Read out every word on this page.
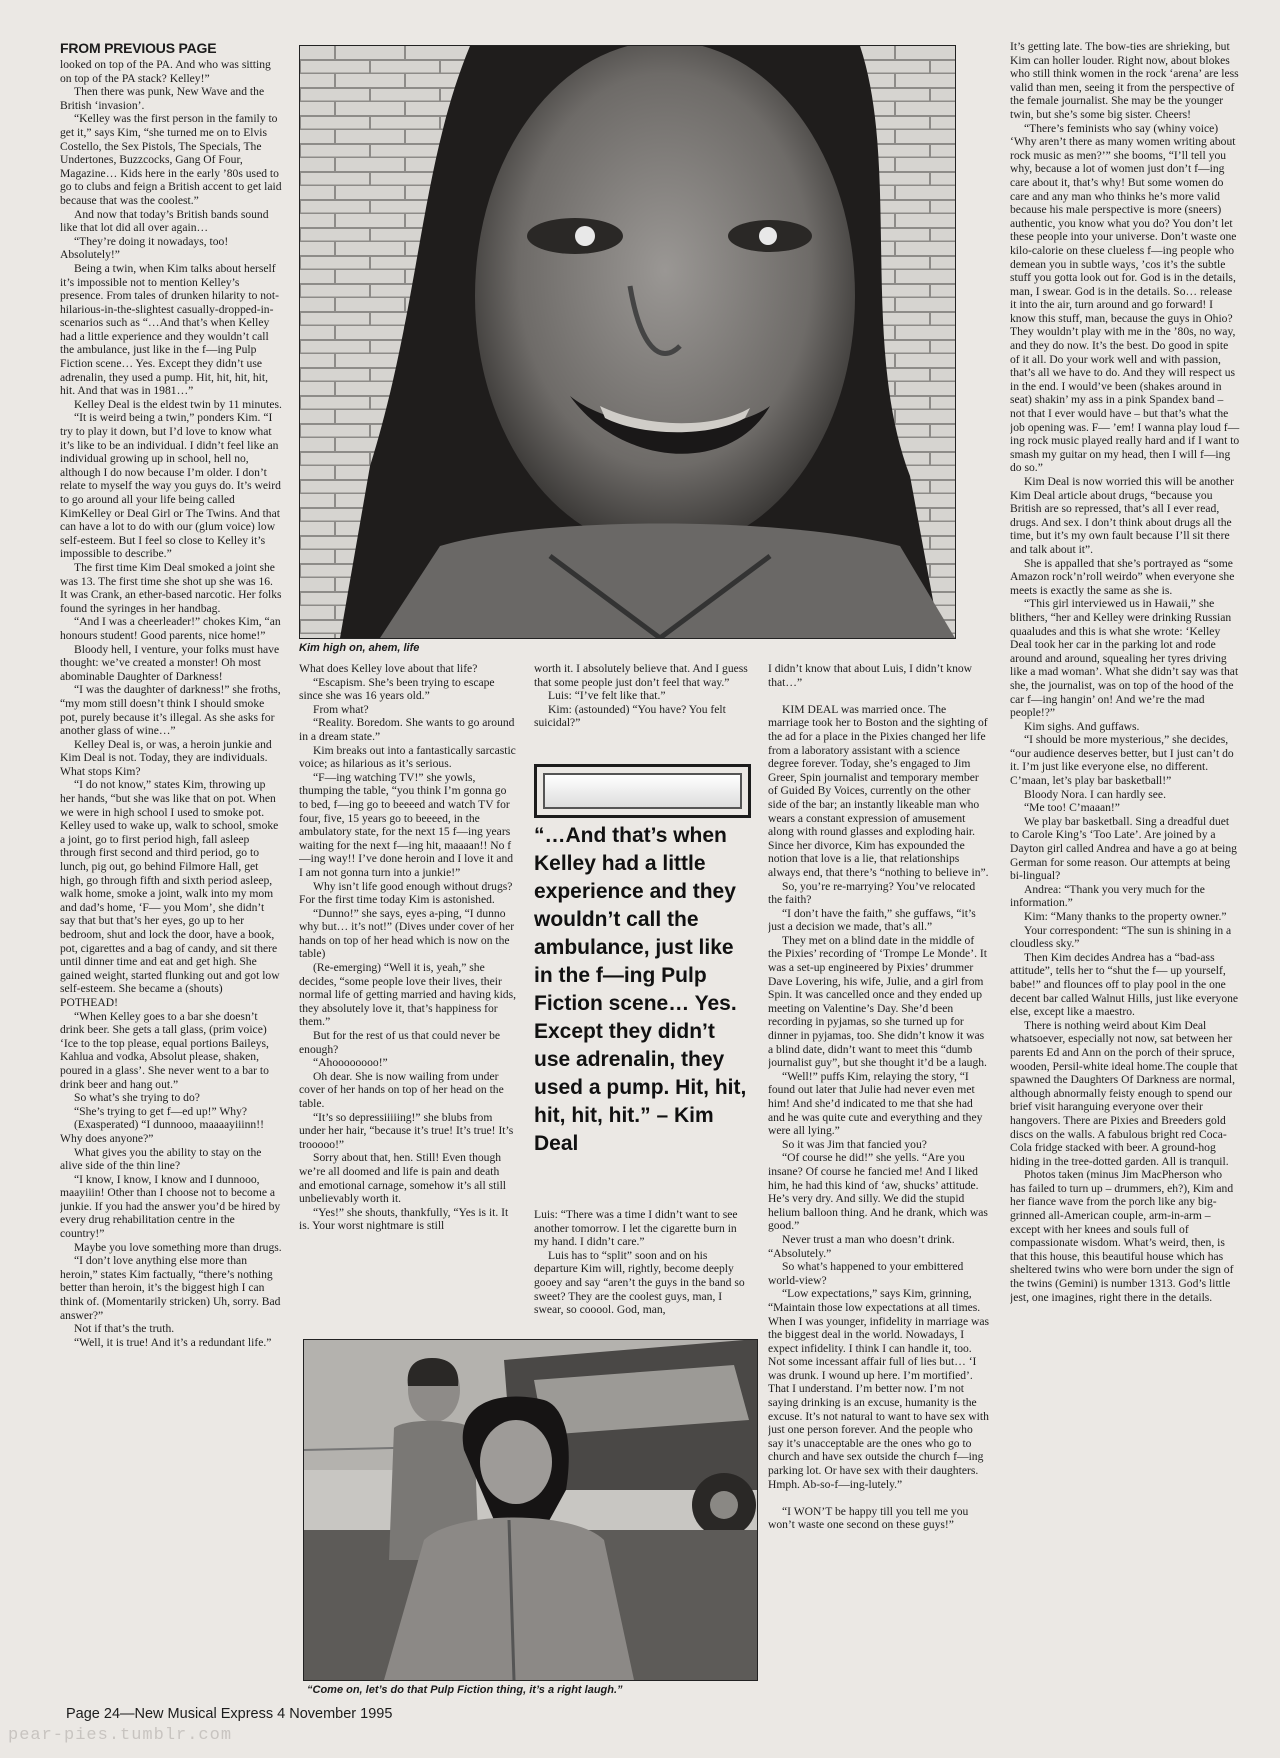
FROM PREVIOUS PAGE

looked on top of the PA. And who was sitting on top of the PA stack? Kelley!”

Then there was punk, New Wave and the British ‘invasion’.

“Kelley was the first person in the family to get it,” says Kim, “she turned me on to Elvis Costello, the Sex Pistols, The Specials, The Undertones, Buzzcocks, Gang Of Four, Magazine… Kids here in the early ’80s used to go to clubs and feign a British accent to get laid because that was the coolest.”

And now that today’s British bands sound like that lot did all over again…

“They’re doing it nowadays, too! Absolutely!”

Being a twin, when Kim talks about herself it’s impossible not to mention Kelley’s presence. From tales of drunken hilarity to not-hilarious-in-the-slightest casually-dropped-in-scenarios such as “…And that’s when Kelley had a little experience and they wouldn’t call the ambulance, just like in the f—ing Pulp Fiction scene… Yes. Except they didn’t use adrenalin, they used a pump. Hit, hit, hit, hit, hit. And that was in 1981…”

Kelley Deal is the eldest twin by 11 minutes.

“It is weird being a twin,” ponders Kim. “I try to play it down, but I’d love to know what it’s like to be an individual. I didn’t feel like an individual growing up in school, hell no, although I do now because I’m older. I don’t relate to myself the way you guys do. It’s weird to go around all your life being called KimKelley or Deal Girl or The Twins. And that can have a lot to do with our (glum voice) low self-esteem. But I feel so close to Kelley it’s impossible to describe.”

The first time Kim Deal smoked a joint she was 13. The first time she shot up she was 16. It was Crank, an ether-based narcotic. Her folks found the syringes in her handbag.

“And I was a cheerleader!” chokes Kim, “an honours student! Good parents, nice home!”

Bloody hell, I venture, your folks must have thought: we’ve created a monster! Oh most abominable Daughter of Darkness!

“I was the daughter of darkness!” she froths, “my mom still doesn’t think I should smoke pot, purely because it’s illegal. As she asks for another glass of wine…”

Kelley Deal is, or was, a heroin junkie and Kim Deal is not. Today, they are individuals. What stops Kim?

“I do not know,” states Kim, throwing up her hands, “but she was like that on pot. When we were in high school I used to smoke pot. Kelley used to wake up, walk to school, smoke a joint, go to first period high, fall asleep through first second and third period, go to lunch, pig out, go behind Filmore Hall, get high, go through fifth and sixth period asleep, walk home, smoke a joint, walk into my mom and dad’s home, ‘F— you Mom’, she didn’t say that but that’s her eyes, go up to her bedroom, shut and lock the door, have a book, pot, cigarettes and a bag of candy, and sit there until dinner time and eat and get high. She gained weight, started flunking out and got low self-esteem. She became a (shouts) POTHEAD!

“When Kelley goes to a bar she doesn’t drink beer. She gets a tall glass, (prim voice) ‘Ice to the top please, equal portions Baileys, Kahlua and vodka, Absolut please, shaken, poured in a glass’. She never went to a bar to drink beer and hang out.”

So what’s she trying to do?

“She’s trying to get f—ed up!” Why?

(Exasperated) “I dunnooo, maaaayiiinn!! Why does anyone?”

What gives you the ability to stay on the alive side of the thin line?

“I know, I know, I know and I dunnooo, maayiiin! Other than I choose not to become a junkie. If you had the answer you’d be hired by every drug rehabilitation centre in the country!”

Maybe you love something more than drugs.

“I don’t love anything else more than heroin,” states Kim factually, “there’s nothing better than heroin, it’s the biggest high I can think of. (Momentarily stricken) Uh, sorry. Bad answer?”

Not if that’s the truth.

“Well, it is true! And it’s a redundant life.”

Kim high on, ahem, life

What does Kelley love about that life?

“Escapism. She’s been trying to escape since she was 16 years old.”

From what?

“Reality. Boredom. She wants to go around in a dream state.”

Kim breaks out into a fantastically sarcastic voice; as hilarious as it’s serious.

“F—ing watching TV!” she yowls, thumping the table, “you think I’m gonna go to bed, f—ing go to beeeed and watch TV for four, five, 15 years go to beeeed, in the ambulatory state, for the next 15 f—ing years waiting for the next f—ing hit, maaaan!! No f—ing way!! I’ve done heroin and I love it and I am not gonna turn into a junkie!”

Why isn’t life good enough without drugs? For the first time today Kim is astonished.

“Dunno!” she says, eyes a-ping, “I dunno why but… it’s not!” (Dives under cover of her hands on top of her head which is now on the table)

(Re-emerging) “Well it is, yeah,” she decides, “some people love their lives, their normal life of getting married and having kids, they absolutely love it, that’s happiness for them.”

But for the rest of us that could never be enough?

“Ahoooooooo!”

Oh dear. She is now wailing from under cover of her hands on top of her head on the table.

“It’s so depressiiiiing!” she blubs from under her hair, “because it’s true! It’s true! It’s trooooo!”

Sorry about that, hen. Still! Even though we’re all doomed and life is pain and death and emotional carnage, somehow it’s all still unbelievably worth it.

“Yes!” she shouts, thankfully, “Yes is it. It is. Your worst nightmare is still

worth it. I absolutely believe that. And I guess that some people just don’t feel that way.”

Luis: “I’ve felt like that.”

Kim: (astounded) “You have? You felt suicidal?”

“…And that’s when Kelley had a little experience and they wouldn’t call the ambulance, just like in the f—ing Pulp Fiction scene… Yes. Except they didn’t use adrenalin, they used a pump. Hit, hit, hit, hit, hit.” – Kim Deal

Luis: “There was a time I didn’t want to see another tomorrow. I let the cigarette burn in my hand. I didn’t care.”

Luis has to “split” soon and on his departure Kim will, rightly, become deeply gooey and say “aren’t the guys in the band so sweet? They are the coolest guys, man, I swear, so cooool. God, man,

“Come on, let’s do that Pulp Fiction thing, it’s a right laugh.”

I didn’t know that about Luis, I didn’t know that…”

KIM DEAL was married once. The marriage took her to Boston and the sighting of the ad for a place in the Pixies changed her life from a laboratory assistant with a science degree forever. Today, she’s engaged to Jim Greer, Spin journalist and temporary member of Guided By Voices, currently on the other side of the bar; an instantly likeable man who wears a constant expression of amusement along with round glasses and exploding hair. Since her divorce, Kim has expounded the notion that love is a lie, that relationships always end, that there’s “nothing to believe in”.

So, you’re re-marrying? You’ve relocated the faith?

“I don’t have the faith,” she guffaws, “it’s just a decision we made, that’s all.”

They met on a blind date in the middle of the Pixies’ recording of ‘Trompe Le Monde’. It was a set-up engineered by Pixies’ drummer Dave Lovering, his wife, Julie, and a girl from Spin. It was cancelled once and they ended up meeting on Valentine’s Day. She’d been recording in pyjamas, so she turned up for dinner in pyjamas, too. She didn’t know it was a blind date, didn’t want to meet this “dumb journalist guy”, but she thought it’d be a laugh.

“Well!” puffs Kim, relaying the story, “I found out later that Julie had never even met him! And she’d indicated to me that she had and he was quite cute and everything and they were all lying.”

So it was Jim that fancied you?

“Of course he did!” she yells. “Are you insane? Of course he fancied me! And I liked him, he had this kind of ‘aw, shucks’ attitude. He’s very dry. And silly. We did the stupid helium balloon thing. And he drank, which was good.”

Never trust a man who doesn’t drink. “Absolutely.”

So what’s happened to your embittered world-view?

“Low expectations,” says Kim, grinning, “Maintain those low expectations at all times. When I was younger, infidelity in marriage was the biggest deal in the world. Nowadays, I expect infidelity. I think I can handle it, too. Not some incessant affair full of lies but… ‘I was drunk. I wound up here. I’m mortified’. That I understand. I’m better now. I’m not saying drinking is an excuse, humanity is the excuse. It’s not natural to want to have sex with just one person forever. And the people who say it’s unacceptable are the ones who go to church and have sex outside the church f—ing parking lot. Or have sex with their daughters. Hmph. Ab-so-f—ing-lutely.”

“I WON’T be happy till you tell me you won’t waste one second on these guys!”

It’s getting late. The bow-ties are shrieking, but Kim can holler louder. Right now, about blokes who still think women in the rock ‘arena’ are less valid than men, seeing it from the perspective of the female journalist. She may be the younger twin, but she’s some big sister. Cheers!

“There’s feminists who say (whiny voice) ‘Why aren’t there as many women writing about rock music as men?’” she booms, “I’ll tell you why, because a lot of women just don’t f—ing care about it, that’s why! But some women do care and any man who thinks he’s more valid because his male perspective is more (sneers) authentic, you know what you do? You don’t let these people into your universe. Don’t waste one kilo-calorie on these clueless f—ing people who demean you in subtle ways, ’cos it’s the subtle stuff you gotta look out for. God is in the details, man, I swear. God is in the details. So… release it into the air, turn around and go forward! I know this stuff, man, because the guys in Ohio? They wouldn’t play with me in the ’80s, no way, and they do now. It’s the best. Do good in spite of it all. Do your work well and with passion, that’s all we have to do. And they will respect us in the end. I would’ve been (shakes around in seat) shakin’ my ass in a pink Spandex band – not that I ever would have – but that’s what the job opening was. F— ’em! I wanna play loud f—ing rock music played really hard and if I want to smash my guitar on my head, then I will f—ing do so.”

Kim Deal is now worried this will be another Kim Deal article about drugs, “because you British are so repressed, that’s all I ever read, drugs. And sex. I don’t think about drugs all the time, but it’s my own fault because I’ll sit there and talk about it”.

She is appalled that she’s portrayed as “some Amazon rock’n’roll weirdo” when everyone she meets is exactly the same as she is.

“This girl interviewed us in Hawaii,” she blithers, “her and Kelley were drinking Russian quaaludes and this is what she wrote: ‘Kelley Deal took her car in the parking lot and rode around and around, squealing her tyres driving like a mad woman’. What she didn’t say was that she, the journalist, was on top of the hood of the car f—ing hangin’ on! And we’re the mad people!?”

Kim sighs. And guffaws.

“I should be more mysterious,” she decides, “our audience deserves better, but I just can’t do it. I’m just like everyone else, no different. C’maan, let’s play bar basketball!”

Bloody Nora. I can hardly see.

“Me too! C’maaan!”

We play bar basketball. Sing a dreadful duet to Carole King’s ‘Too Late’. Are joined by a Dayton girl called Andrea and have a go at being German for some reason. Our attempts at being bi-lingual?

Andrea: “Thank you very much for the information.”

Kim: “Many thanks to the property owner.”

Your correspondent: “The sun is shining in a cloudless sky.”

Then Kim decides Andrea has a “bad-ass attitude”, tells her to “shut the f— up yourself, babe!” and flounces off to play pool in the one decent bar called Walnut Hills, just like everyone else, except like a maestro.

There is nothing weird about Kim Deal whatsoever, especially not now, sat between her parents Ed and Ann on the porch of their spruce, wooden, Persil-white ideal home.The couple that spawned the Daughters Of Darkness are normal, although abnormally feisty enough to spend our brief visit haranguing everyone over their hangovers. There are Pixies and Breeders gold discs on the walls. A fabulous bright red Coca-Cola fridge stacked with beer. A ground-hog hiding in the tree-dotted garden. All is tranquil.

Photos taken (minus Jim MacPherson who has failed to turn up – drummers, eh?), Kim and her fiance wave from the porch like any big-grinned all-American couple, arm-in-arm – except with her knees and souls full of compassionate wisdom. What’s weird, then, is that this house, this beautiful house which has sheltered twins who were born under the sign of the twins (Gemini) is number 1313. God’s little jest, one imagines, right there in the details.

Page 24—New Musical Express 4 November 1995
pear-pies.tumblr.com
